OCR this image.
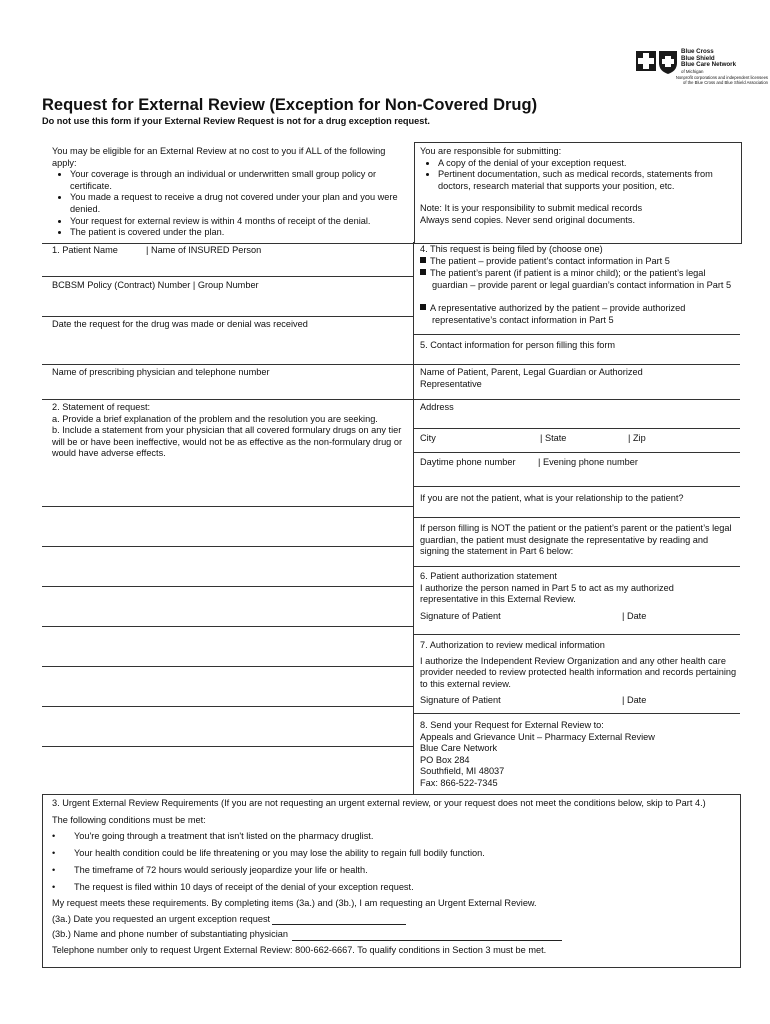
Blue Cross
Blue Shield
Blue Care Network
of Michigan
Nonprofit corporations and independent licensees
of the Blue Cross and Blue Shield Association
Request for External Review (Exception for Non-Covered Drug)
Do not use this form if your External Review Request is not for a drug exception request.
You may be eligible for an External Review at no cost to you if ALL of the following apply:
• Your coverage is through an individual or underwritten small group policy or certificate.
• You made a request to receive a drug not covered under your plan and you were denied.
• Your request for external review is within 4 months of receipt of the denial.
• The patient is covered under the plan.
You are responsible for submitting:
• A copy of the denial of your exception request.
• Pertinent documentation, such as medical records, statements from doctors, research material that supports your position, etc.
Note: It is your responsibility to submit medical records
Always send copies. Never send original documents.
1. Patient Name	| Name of INSURED Person
BCBSM Policy (Contract) Number | Group Number
Date the request for the drug was made or denial was received
Name of prescribing physician and telephone number
2. Statement of request:
a. Provide a brief explanation of the problem and the resolution you are seeking.
b. Include a statement from your physician that all covered formulary drugs on any tier will be or have been ineffective, would not be as effective as the non-formulary drug or would have adverse effects.
4. This request is being filed by (choose one)
The patient – provide patient’s contact information in Part 5
The patient’s parent (if patient is a minor child); or the patient’s legal guardian – provide parent or legal guardian’s contact information in Part 5
A representative authorized by the patient – provide authorized representative’s contact information in Part 5
5. Contact information for person filling this form
Name of Patient, Parent, Legal Guardian or Authorized Representative
Address
City	| State	| Zip
Daytime phone number | Evening phone number
If you are not the patient, what is your relationship to the patient?
If person filling is NOT the patient or the patient’s parent or the patient’s legal guardian, the patient must designate the representative by reading and signing the statement in Part 6 below:
6. Patient authorization statement
I authorize the person named in Part 5 to act as my authorized representative in this External Review.
Signature of Patient	| Date
7. Authorization to review medical information
I authorize the Independent Review Organization and any other health care provider needed to review protected health information and records pertaining to this external review.
Signature of Patient	| Date
8. Send your Request for External Review to:
Appeals and Grievance Unit – Pharmacy External Review
Blue Care Network
PO Box 284
Southfield, MI 48037
Fax: 866-522-7345
3. Urgent External Review Requirements (If you are not requesting an urgent external review, or your request does not meet the conditions below, skip to Part 4.)
The following conditions must be met:
•	You're going through a treatment that isn't listed on the pharmacy druglist.
•	Your health condition could be life threatening or you may lose the ability to regain full bodily function.
•	The timeframe of 72 hours would seriously jeopardize your life or health.
•	The request is filed within 10 days of receipt of the denial of your exception request.
My request meets these requirements. By completing items (3a.) and (3b.), I am requesting an Urgent External Review.
(3a.) Date you requested an urgent exception request
(3b.) Name and phone number of substantiating physician
Telephone number only to request Urgent External Review: 800-662-6667. To qualify conditions in Section 3 must be met.
